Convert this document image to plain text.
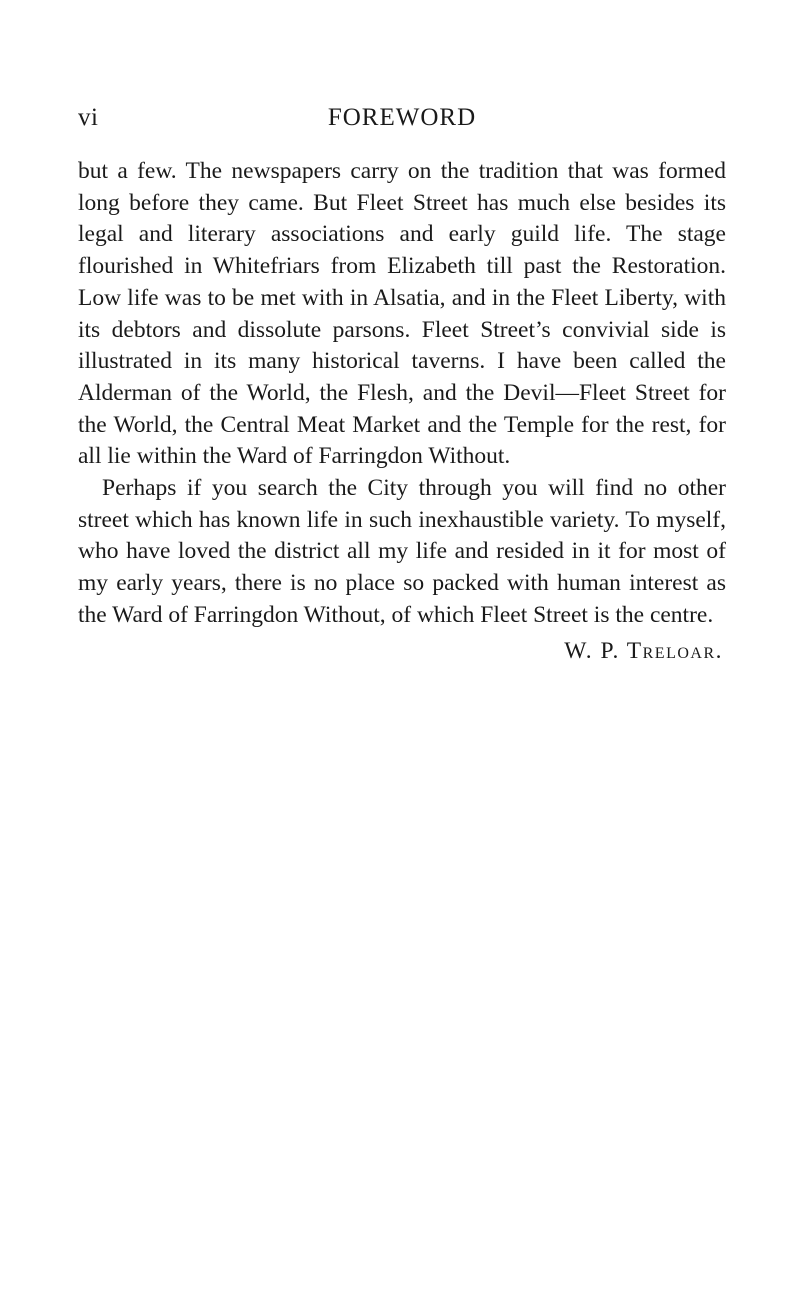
vi	FOREWORD

but a few. The newspapers carry on the tradition that was formed long before they came. But Fleet Street has much else besides its legal and literary associations and early guild life. The stage flourished in Whitefriars from Elizabeth till past the Restoration. Low life was to be met with in Alsatia, and in the Fleet Liberty, with its debtors and dissolute parsons. Fleet Street’s convivial side is illustrated in its many historical taverns. I have been called the Alderman of the World, the Flesh, and the Devil—Fleet Street for the World, the Central Meat Market and the Temple for the rest, for all lie within the Ward of Farringdon Without.

Perhaps if you search the City through you will find no other street which has known life in such inexhaustible variety. To myself, who have loved the district all my life and resided in it for most of my early years, there is no place so packed with human interest as the Ward of Farringdon Without, of which Fleet Street is the centre.

W. P. Treloar.
